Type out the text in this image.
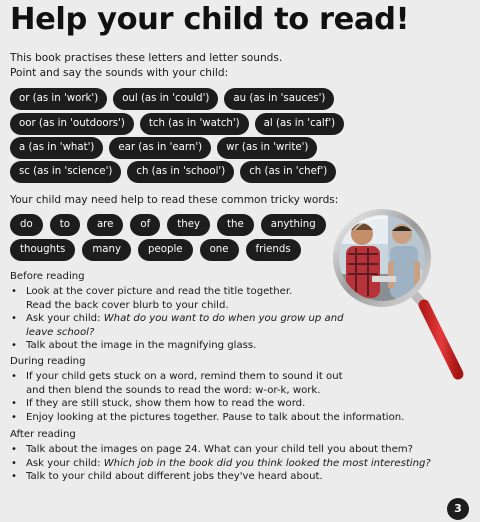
Help your child to read!
This book practises these letters and letter sounds.
Point and say the sounds with your child:
or (as in 'work') oul (as in 'could') au (as in 'sauces')
oor (as in 'outdoors') tch (as in 'watch') al (as in 'calf')
a (as in 'what') ear (as in 'earn') wr (as in 'write')
sc (as in 'science') ch (as in 'school') ch (as in 'chef')
Your child may need help to read these common tricky words:
do	to	are	of	they	the	anything
thoughts	many	people	one	friends
Before reading
• Look at the cover picture and read the title together.
Read the back cover blurb to your child.
• Ask your child: What do you want to do when you grow up and
leave school?
• Talk about the image in the magnifying glass.
During reading
• If your child gets stuck on a word, remind them to sound it out
and then blend the sounds to read the word: w-or-k, work.
• If they are still stuck, show them how to read the word.
• Enjoy looking at the pictures together. Pause to talk about the information.
After reading
• Talk about the images on page 24. What can your child tell you about them?
• Ask your child: Which job in the book did you think looked the most interesting?
• Talk to your child about different jobs they've heard about.
3
